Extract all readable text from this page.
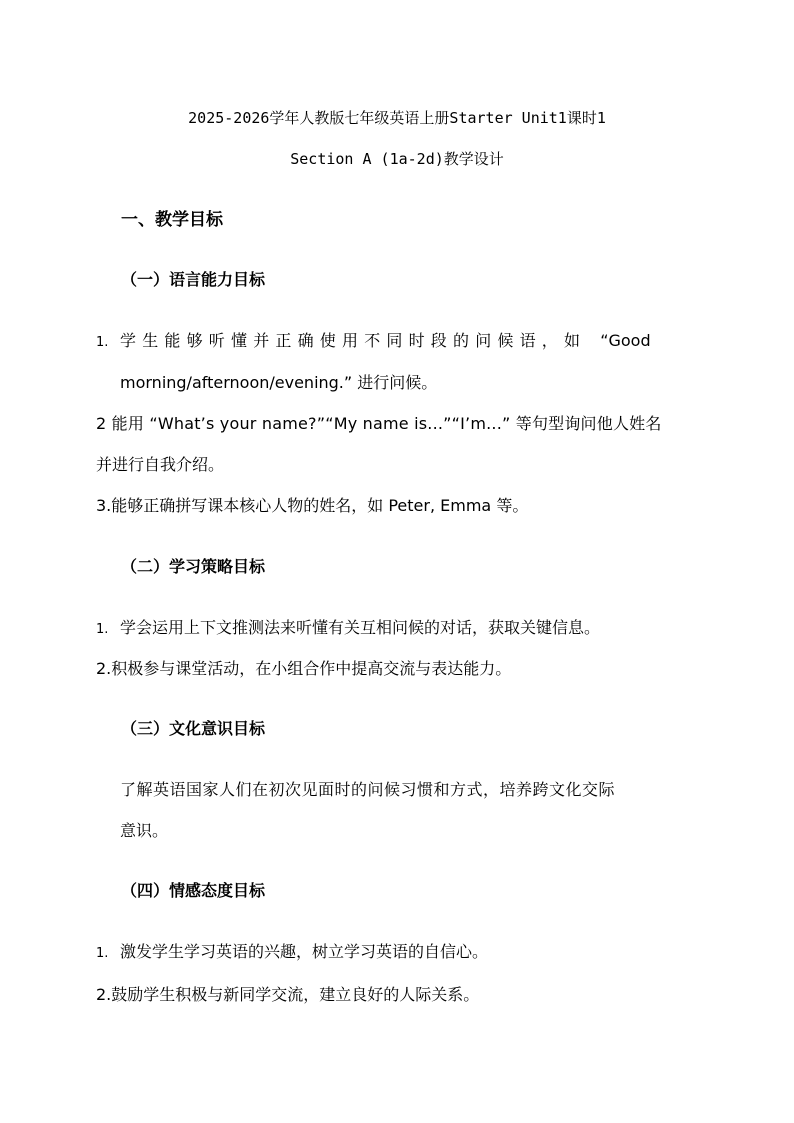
2025-2026学年人教版七年级英语上册Starter Unit1课时1
Section A (1a-2d)教学设计
一、教学目标
（一）语言能力目标
1. 学生能够听懂并正确使用不同时段的问候语，如 “Good
morning/afternoon/evening.” 进行问候。
2 能用 “What’s your name?”“My name is...”“I’m...” 等句型询问他人姓名
并进行自我介绍。
3.能够正确拼写课本核心人物的姓名，如 Peter, Emma 等。
（二）学习策略目标
1. 学会运用上下文推测法来听懂有关互相问候的对话，获取关键信息。
2.积极参与课堂活动，在小组合作中提高交流与表达能力。
（三）文化意识目标
了解英语国家人们在初次见面时的问候习惯和方式，培养跨文化交际
意识。
（四）情感态度目标
1. 激发学生学习英语的兴趣，树立学习英语的自信心。
2.鼓励学生积极与新同学交流，建立良好的人际关系。
